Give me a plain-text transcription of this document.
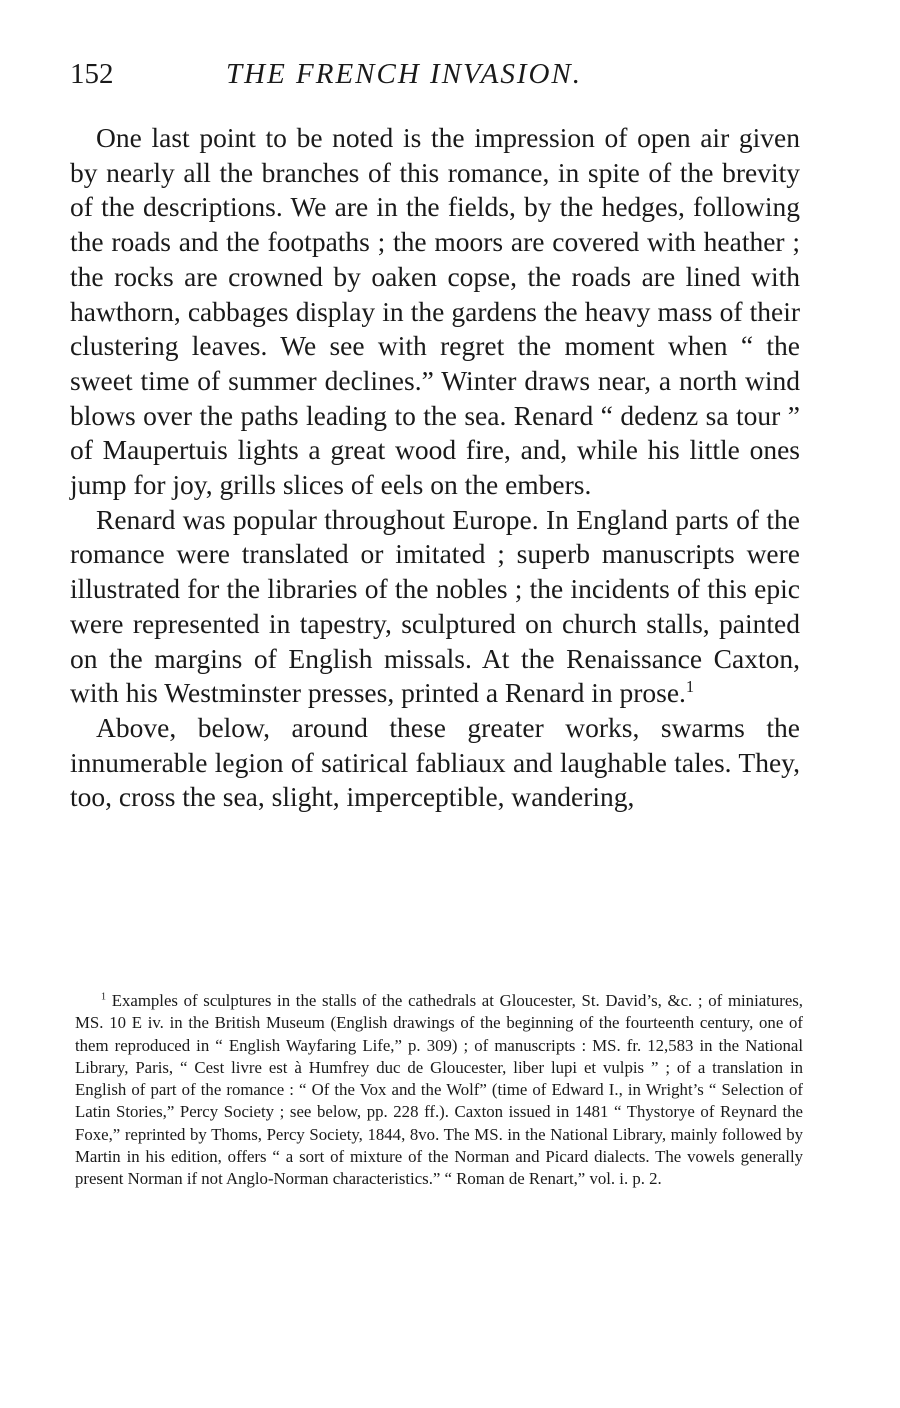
152	THE FRENCH INVASION.

One last point to be noted is the impression of open air given by nearly all the branches of this romance, in spite of the brevity of the descriptions. We are in the fields, by the hedges, following the roads and the footpaths ; the moors are covered with heather ; the rocks are crowned by oaken copse, the roads are lined with hawthorn, cabbages display in the gardens the heavy mass of their clustering leaves. We see with regret the moment when “ the sweet time of summer declines.” Winter draws near, a north wind blows over the paths leading to the sea. Renard “ dedenz sa tour ” of Maupertuis lights a great wood fire, and, while his little ones jump for joy, grills slices of eels on the embers.

Renard was popular throughout Europe. In England parts of the romance were translated or imitated ; superb manuscripts were illustrated for the libraries of the nobles ; the incidents of this epic were represented in tapestry, sculptured on church stalls, painted on the margins of English missals. At the Renaissance Caxton, with his Westminster presses, printed a Renard in prose.$^1$

Above, below, around these greater works, swarms the innumerable legion of satirical fabliaux and laughable tales. They, too, cross the sea, slight, imperceptible, wandering,

$^1$ Examples of sculptures in the stalls of the cathedrals at Gloucester, St. David’s, &c. ; of miniatures, MS. 10 E iv. in the British Museum (English drawings of the beginning of the fourteenth century, one of them reproduced in “ English Wayfaring Life,” p. 309) ; of manuscripts : MS. fr. 12,583 in the National Library, Paris, “ Cest livre est à Humfrey duc de Gloucester, liber lupi et vulpis ” ; of a translation in English of part of the romance : “ Of the Vox and the Wolf” (time of Edward I., in Wright’s “ Selection of Latin Stories,” Percy Society ; see below, pp. 228 ff.). Caxton issued in 1481 “ Thystorye of Reynard the Foxe,” reprinted by Thoms, Percy Society, 1844, 8vo. The MS. in the National Library, mainly followed by Martin in his edition, offers “ a sort of mixture of the Norman and Picard dialects. The vowels generally present Norman if not Anglo-Norman characteristics.” “ Roman de Renart,” vol. i. p. 2.
